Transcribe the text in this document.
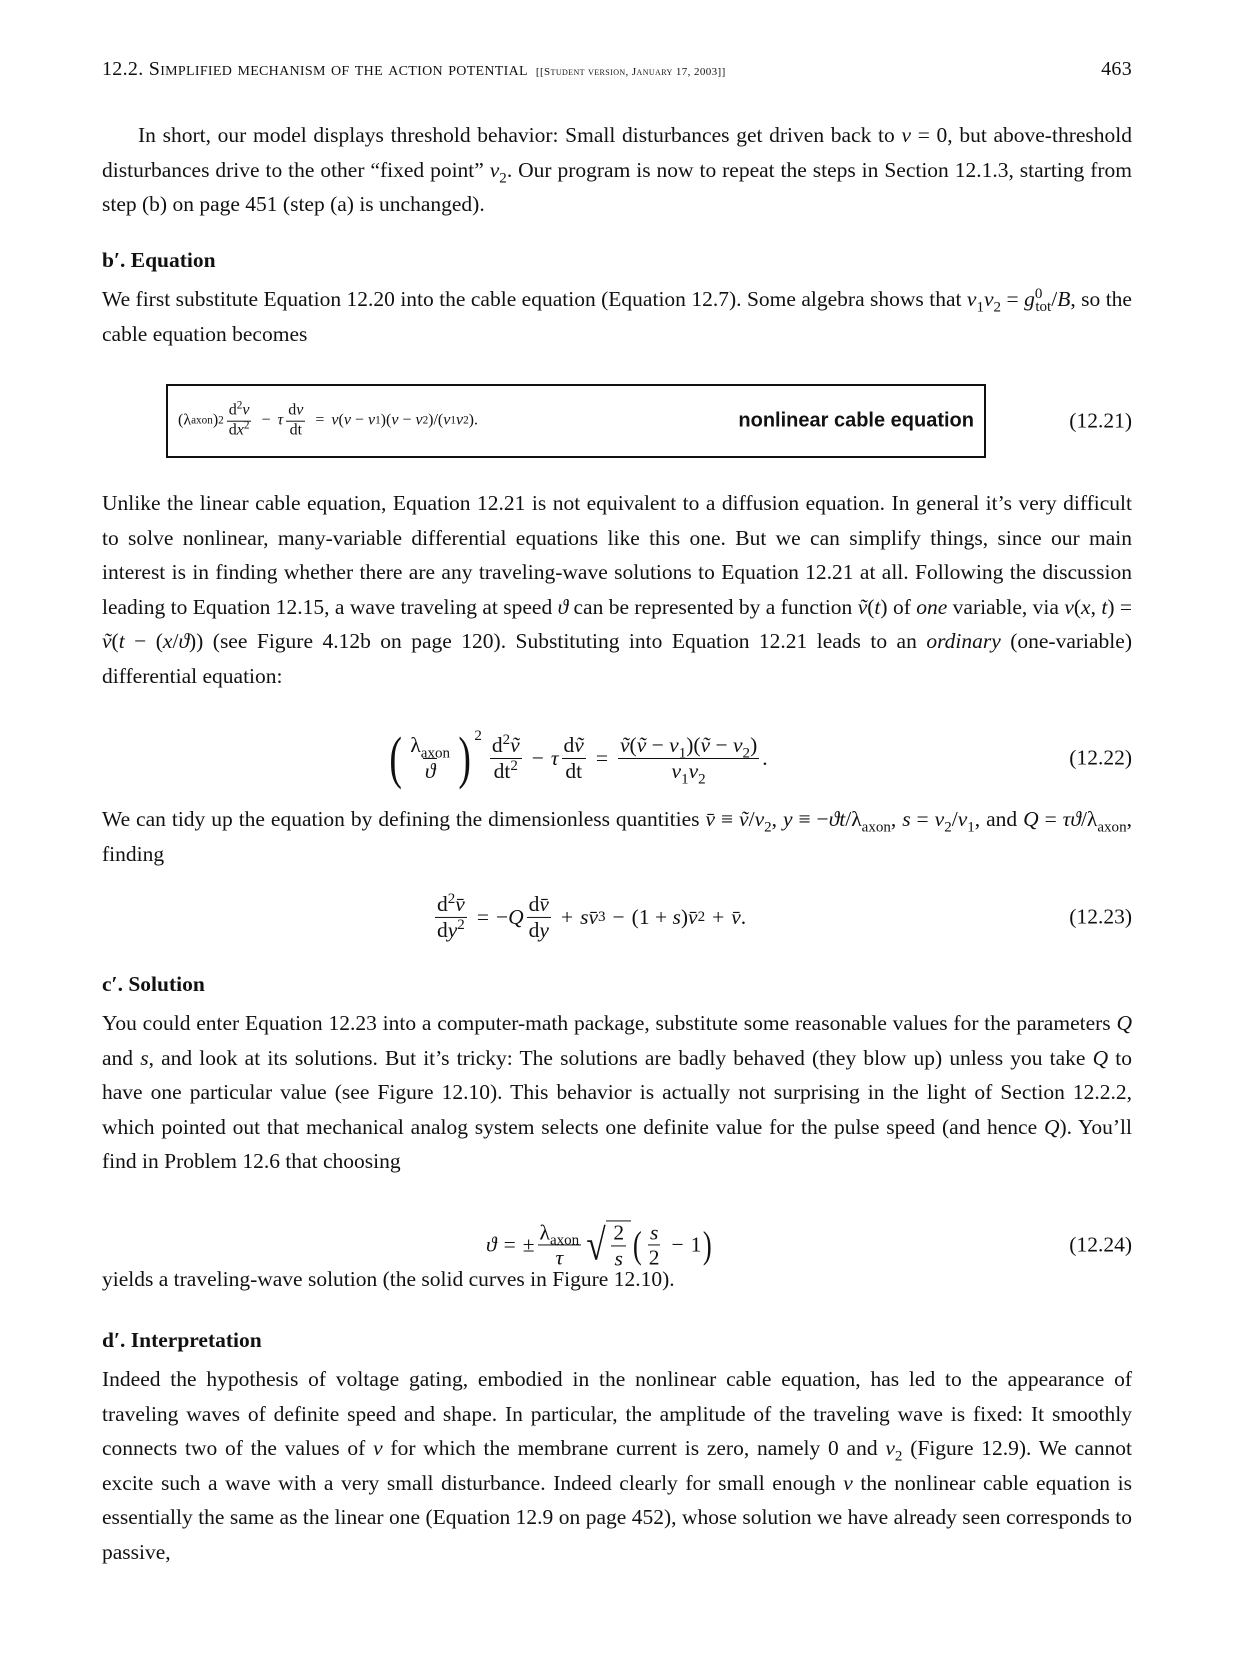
12.2. Simplified mechanism of the action potential [[Student version, January 17, 2003]]	463

In short, our model displays threshold behavior: Small disturbances get driven back to v = 0, but above-threshold disturbances drive to the other “fixed point” $v_2$. Our program is now to repeat the steps in Section 12.1.3, starting from step (b) on page 451 (step (a) is unchanged).

b′. Equation

We first substitute Equation 12.20 into the cable equation (Equation 12.7). Some algebra shows that $v_1v_2 = g^0_{tot}/B$, so the cable equation becomes

( λ axon ) $2 \frac{d^2v}{dx^2} - \tau \frac{dv}{dt} = v$ ( v − v 1 )( v − v 2 )/( v 1 v 2 ).	nonlinear cable equation	(12.21)

Unlike the linear cable equation, Equation 12.21 is not equivalent to a diffusion equation. In general it’s very difficult to solve nonlinear, many-variable differential equations like this one. But we can simplify things, since our main interest is in finding whether there are any traveling-wave solutions to Equation 12.21 at all. Following the discussion leading to Equation 12.15, a wave traveling at speed ϑ can be represented by a function ṽ(t) of one variable, via v(x, t) = ṽ(t − (x/ϑ)) (see Figure 4.12b on page 120). Substituting into Equation 12.21 leads to an ordinary (one-variable) differential equation:

( $\frac{\lambda_{axon}}{ϑ} )^2 \frac{d^2ṽ}{dt^2} - \tau \frac{\text{dṽ}}{dt} = \frac{ṽ(ṽ - v_1)(ṽ - v_2)}{v_1v_2}$ .	(12.22)

We can tidy up the equation by defining the dimensionless quantities v̄ ≡ $ṽ/v_2$, $y \equiv -ϑt/\lambda_{axon}$, $s = v_2/v_1$, and $Q = \tau ϑ/\lambda_{axon}$, finding

$\frac{d^2v̄}{dy^2}$ = − Q $\frac{dv̄}{dy} + s$ v̄ 3 − (1 + s ) v̄ 2 + v̄ .	(12.23)
c′. Solution

You could enter Equation 12.23 into a computer-math package, substitute some reasonable values for the parameters Q and s, and look at its solutions. But it’s tricky: The solutions are badly behaved (they blow up) unless you take Q to have one particular value (see Figure 12.10). This behavior is actually not surprising in the light of Section 12.2.2, which pointed out that mechanical analog system selects one definite value for the pulse speed (and hence Q). You’ll find in Problem 12.6 that choosing

ϑ = ± $\frac{\lambda_{axon}}{\tau}$ √ $\frac{2}{s}$ ( $\frac{s}{2} - 1$ )	(12.24)

yields a traveling-wave solution (the solid curves in Figure 12.10).

d′. Interpretation

Indeed the hypothesis of voltage gating, embodied in the nonlinear cable equation, has led to the appearance of traveling waves of definite speed and shape. In particular, the amplitude of the traveling wave is fixed: It smoothly connects two of the values of v for which the membrane current is zero, namely 0 and $v_2$ (Figure 12.9). We cannot excite such a wave with a very small disturbance. Indeed clearly for small enough v the nonlinear cable equation is essentially the same as the linear one (Equation 12.9 on page 452), whose solution we have already seen corresponds to passive,
